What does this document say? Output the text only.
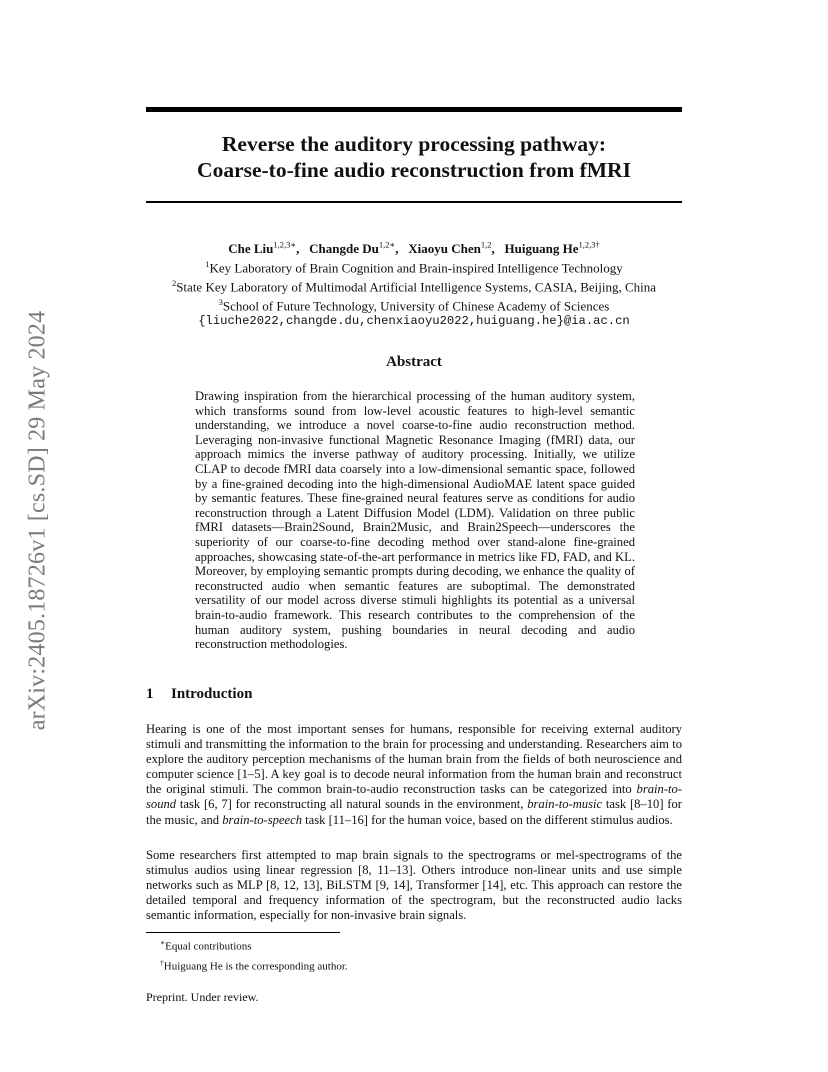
arXiv:2405.18726v1 [cs.SD] 29 May 2024
Reverse the auditory processing pathway:
Coarse-to-fine audio reconstruction from fMRI
Che Liu$^{1,2,3∗}$,   Changde $Du^{1,2∗}$,   Xiaoyu Chen$^{1,2}$,   Huiguang $He^{1,2,3\dagger}$
$^1$Key Laboratory of Brain Cognition and Brain-inspired Intelligence Technology
$^2$State Key Laboratory of Multimodal Artificial Intelligence Systems, CASIA, Beijing, China
$^3$School of Future Technology, University of Chinese Academy of Sciences
{liuche2022,changde.du,chenxiaoyu2022,huiguang.he}@ia.ac.cn
Abstract
Drawing inspiration from the hierarchical processing of the human auditory system, which transforms sound from low-level acoustic features to high-level semantic understanding, we introduce a novel coarse-to-fine audio reconstruction method. Leveraging non-invasive functional Magnetic Resonance Imaging (fMRI) data, our approach mimics the inverse pathway of auditory processing. Initially, we utilize CLAP to decode fMRI data coarsely into a low-dimensional semantic space, followed by a fine-grained decoding into the high-dimensional AudioMAE latent space guided by semantic features. These fine-grained neural features serve as conditions for audio reconstruction through a Latent Diffusion Model (LDM). Validation on three public fMRI datasets—Brain2Sound, Brain2Music, and Brain2Speech—underscores the superiority of our coarse-to-fine decoding method over stand-alone fine-grained approaches, showcasing state-of-the-art performance in metrics like FD, FAD, and KL. Moreover, by employing semantic prompts during decoding, we enhance the quality of reconstructed audio when semantic features are suboptimal. The demonstrated versatility of our model across diverse stimuli highlights its potential as a universal brain-to-audio framework. This research contributes to the comprehension of the human auditory system, pushing boundaries in neural decoding and audio reconstruction methodologies.
1 Introduction
Hearing is one of the most important senses for humans, responsible for receiving external auditory stimuli and transmitting the information to the brain for processing and understanding. Researchers aim to explore the auditory perception mechanisms of the human brain from the fields of both neuroscience and computer science [1–5]. A key goal is to decode neural information from the human brain and reconstruct the original stimuli. The common brain-to-audio reconstruction tasks can be categorized into brain-to-sound task [6, 7] for reconstructing all natural sounds in the environment, brain-to-music task [8–10] for the music, and brain-to-speech task [11–16] for the human voice, based on the different stimulus audios.
Some researchers first attempted to map brain signals to the spectrograms or mel-spectrograms of the stimulus audios using linear regression [8, 11–13]. Others introduce non-linear units and use simple networks such as MLP [8, 12, 13], BiLSTM [9, 14], Transformer [14], etc. This approach can restore the detailed temporal and frequency information of the spectrogram, but the reconstructed audio lacks semantic information, especially for non-invasive brain signals.
∗Equal contributions
†Huiguang He is the corresponding author.
Preprint. Under review.
